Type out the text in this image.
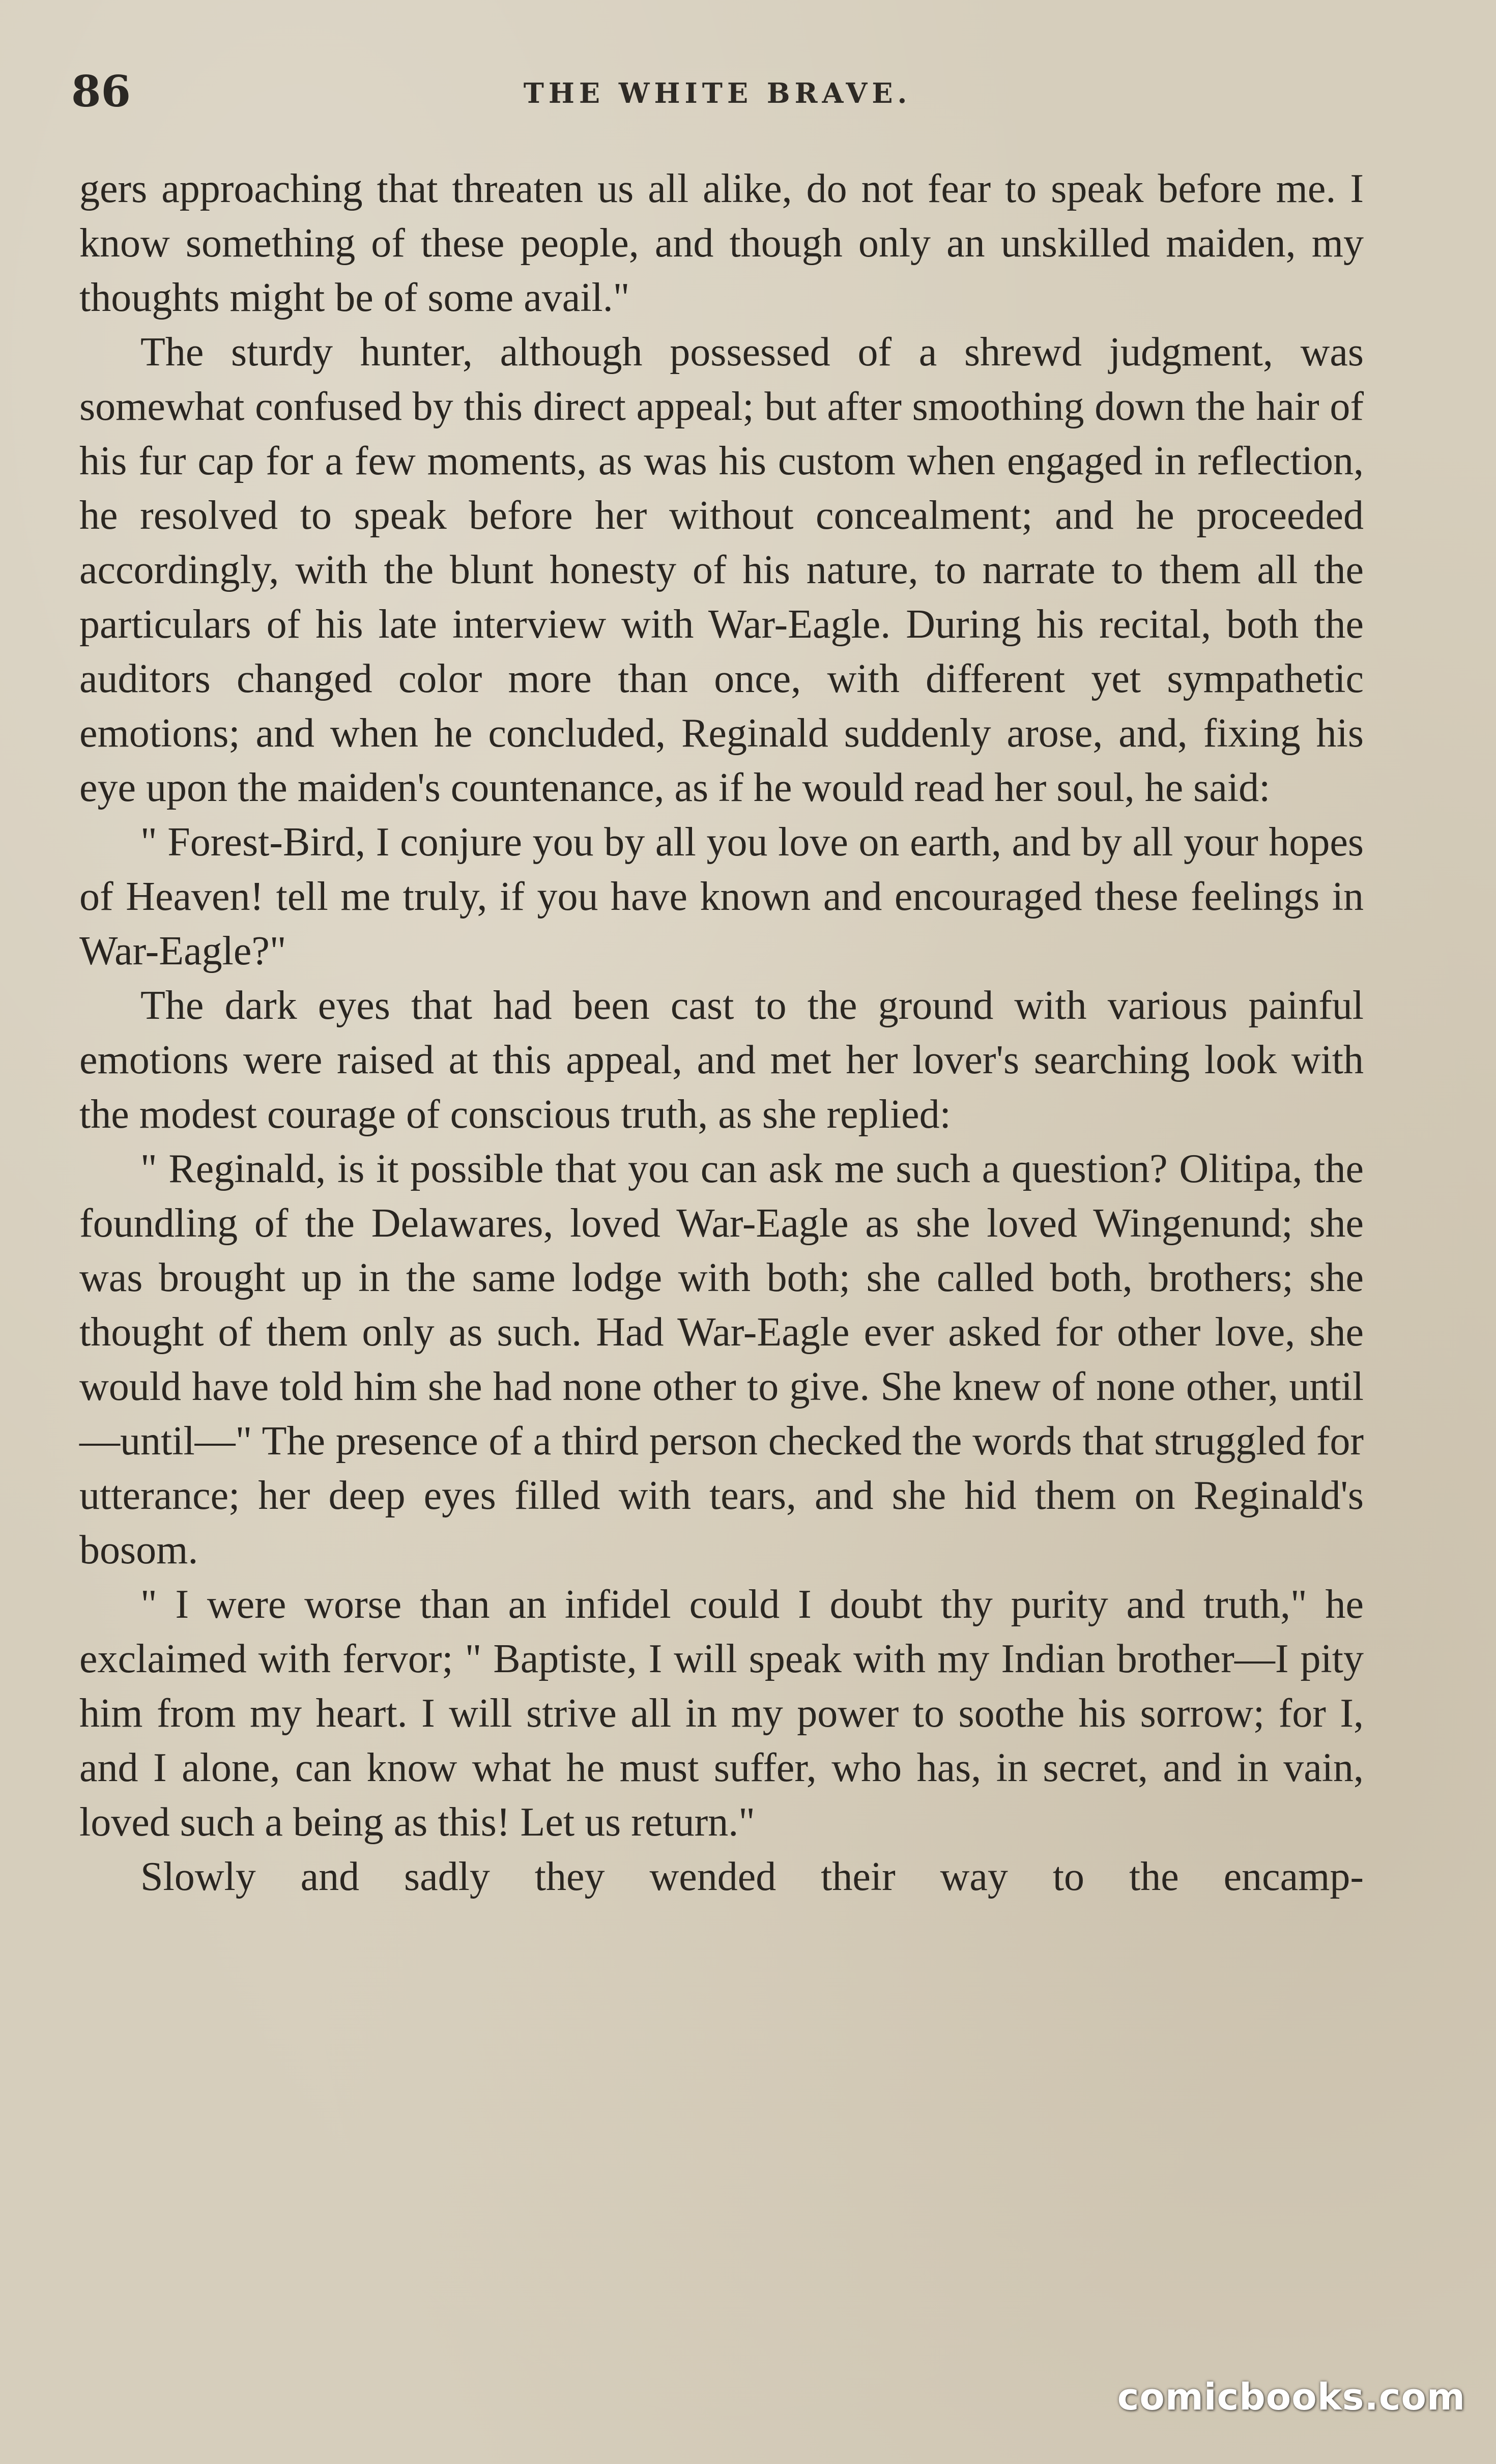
86	THE WHITE BRAVE.

gers approaching that threaten us all alike, do not fear to speak before me. I know something of these people, and though only an unskilled maiden, my thoughts might be of some avail."

The sturdy hunter, although possessed of a shrewd judgment, was somewhat confused by this direct appeal; but after smoothing down the hair of his fur cap for a few moments, as was his custom when engaged in reflection, he resolved to speak before her without concealment; and he proceeded accordingly, with the blunt honesty of his nature, to narrate to them all the particulars of his late interview with War-Eagle. During his recital, both the auditors changed color more than once, with different yet sympathetic emotions; and when he concluded, Reginald suddenly arose, and, fixing his eye upon the maiden's countenance, as if he would read her soul, he said:

" Forest-Bird, I conjure you by all you love on earth, and by all your hopes of Heaven! tell me truly, if you have known and encouraged these feelings in War-Eagle?"

The dark eyes that had been cast to the ground with various painful emotions were raised at this appeal, and met her lover's searching look with the modest courage of conscious truth, as she replied:

" Reginald, is it possible that you can ask me such a question? Olitipa, the foundling of the Delawares, loved War-Eagle as she loved Wingenund; she was brought up in the same lodge with both; she called both, brothers; she thought of them only as such. Had War-Eagle ever asked for other love, she would have told him she had none other to give. She knew of none other, until—until—" The presence of a third person checked the words that struggled for utterance; her deep eyes filled with tears, and she hid them on Reginald's bosom.

" I were worse than an infidel could I doubt thy purity and truth," he exclaimed with fervor; " Baptiste, I will speak with my Indian brother—I pity him from my heart. I will strive all in my power to soothe his sorrow; for I, and I alone, can know what he must suffer, who has, in secret, and in vain, loved such a being as this! Let us return."

Slowly and sadly they wended their way to the encamp-

comicbooks.com
